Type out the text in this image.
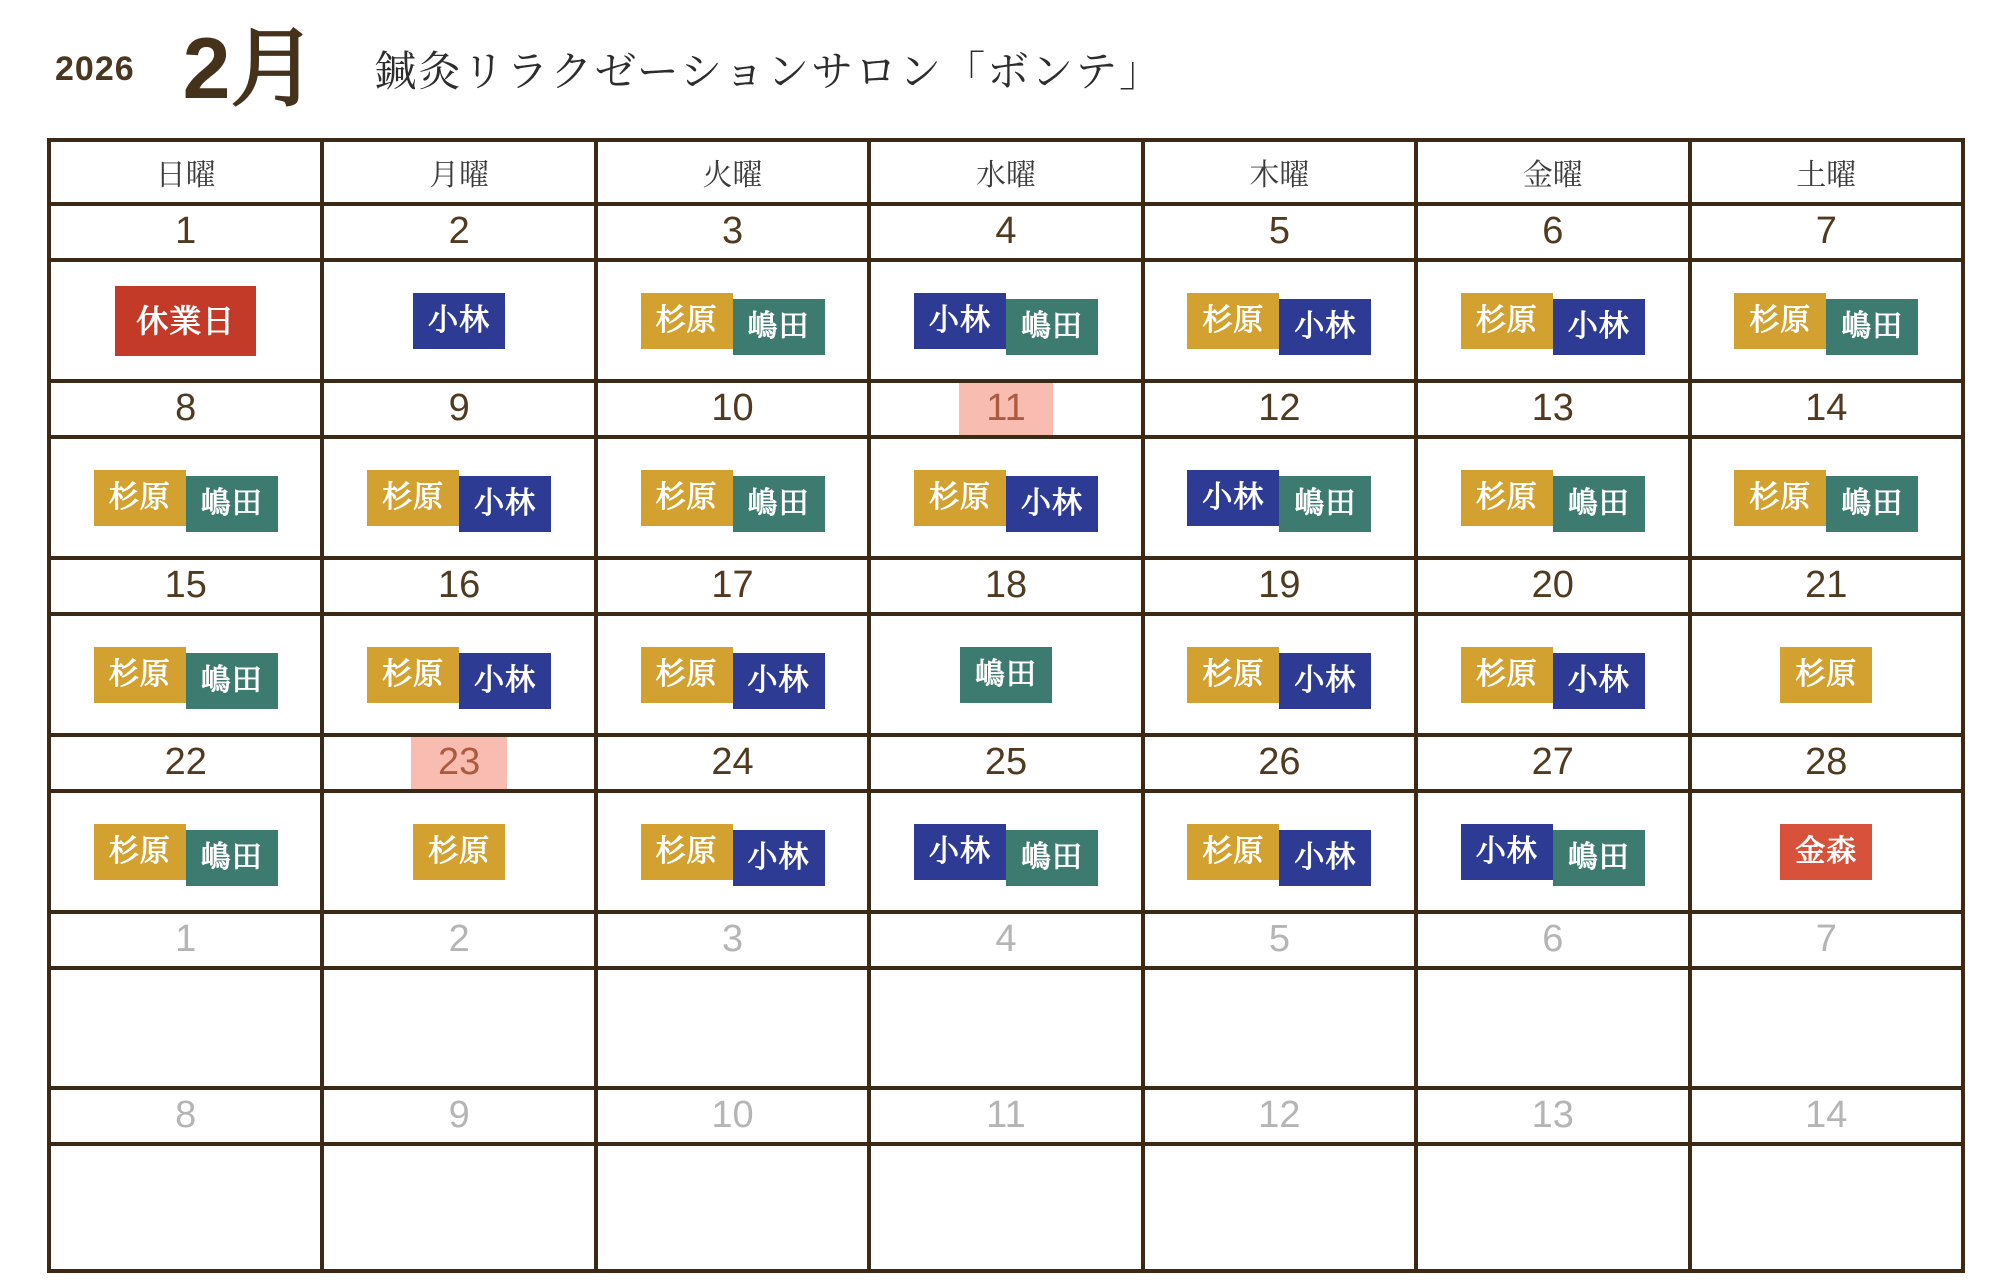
2026 2月 鍼灸リラクゼーションサロン「ボンテ」
日曜	月曜	火曜	水曜	木曜	金曜	土曜
1	2	3	4	5	6	7
休業日	小林	杉原 嶋田	小林 嶋田	杉原 小林	杉原 小林	杉原 嶋田
8	9	10	11	12	13	14
杉原 嶋田	杉原 小林	杉原 嶋田	杉原 小林	小林 嶋田	杉原 嶋田	杉原 嶋田
15	16	17	18	19	20	21
杉原 嶋田	杉原 小林	杉原 小林	嶋田	杉原 小林	杉原 小林	杉原
22	23	24	25	26	27	28
杉原 嶋田	杉原	杉原 小林	小林 嶋田	杉原 小林	小林 嶋田	金森
1	2	3	4	5	6	7

8	9	10	11	12	13	14
